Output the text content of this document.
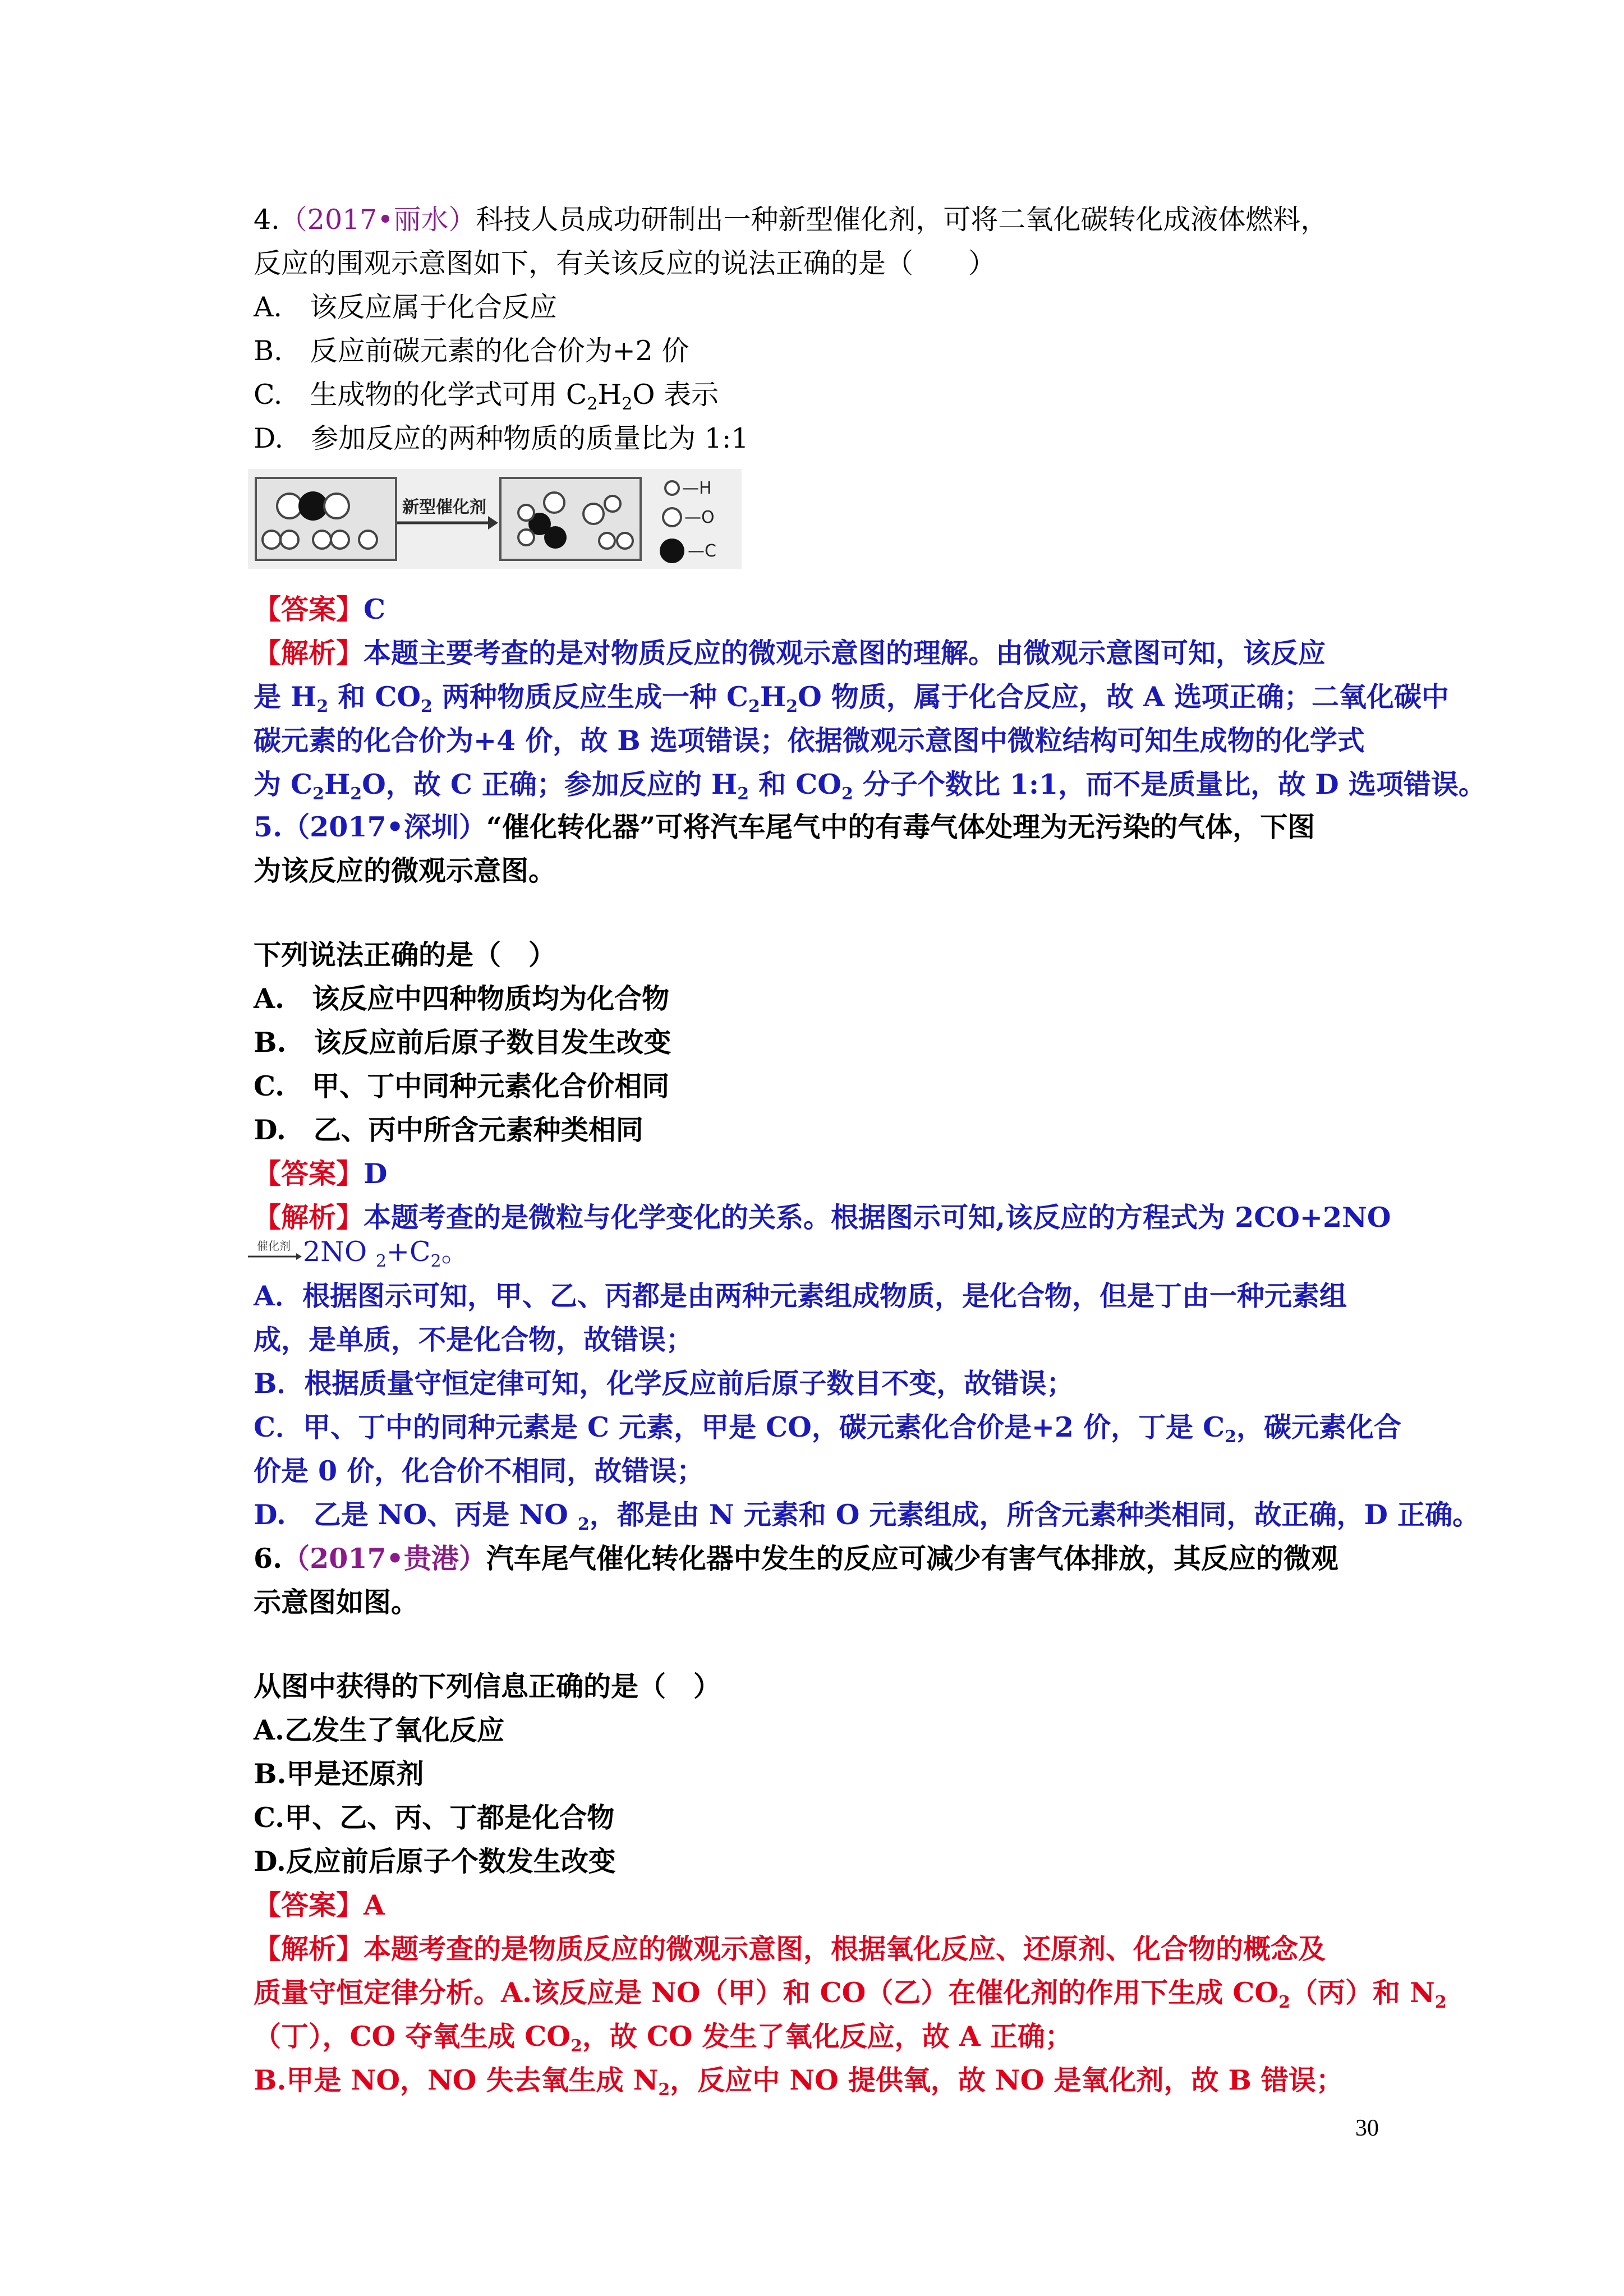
4.（2017•丽水）科技人员成功研制出一种新型催化剂，可将二氧化碳转化成液体燃料，
反应的围观示意图如下，有关该反应的说法正确的是（　　）
A.　该反应属于化合反应
B.　反应前碳元素的化合价为+2 价
C.　生成物的化学式可用 $C_2H_2O$ 表示
D.　参加反应的两种物质的质量比为 1:1
新型催化剂
—H
—O
—C
【答案】C
【解析】本题主要考查的是对物质反应的微观示意图的理解。由微观示意图可知，该反应
是 $H_2$ 和 $CO_2$ 两种物质反应生成一种 $C_2H_2O$ 物质，属于化合反应，故 A 选项正确；二氧化碳中
碳元素的化合价为+4 价，故 B 选项错误；依据微观示意图中微粒结构可知生成物的化学式
为 $C_2H_2O$，故 C 正确；参加反应的 $H_2$ 和 $CO_2$ 分子个数比 1:1，而不是质量比，故 D 选项错误。
5.（2017•深圳）“催化转化器”可将汽车尾气中的有毒气体处理为无污染的气体，下图
为该反应的微观示意图。
下列说法正确的是（　）
A.　该反应中四种物质均为化合物
B.　该反应前后原子数目发生改变
C.　甲、丁中同种元素化合价相同
D.　乙、丙中所含元素种类相同
【答案】D
【解析】本题考查的是微粒与化学变化的关系。根据图示可知,该反应的方程式为 2CO+2NO
催化剂 2NO $_2+C_2$。
A．根据图示可知，甲、乙、丙都是由两种元素组成物质，是化合物，但是丁由一种元素组
成，是单质，不是化合物，故错误；
B．根据质量守恒定律可知，化学反应前后原子数目不变，故错误；
C．甲、丁中的同种元素是 C 元素，甲是 CO，碳元素化合价是+2 价，丁是 $C_2$，碳元素化合
价是 0 价，化合价不相同，故错误；
D.　乙是 NO、丙是 NO $_2$，都是由 N 元素和 O 元素组成，所含元素种类相同，故正确，D 正确。
6.（2017•贵港）汽车尾气催化转化器中发生的反应可减少有害气体排放，其反应的微观
示意图如图。
从图中获得的下列信息正确的是（　）
A.乙发生了氧化反应
B.甲是还原剂
C.甲、乙、丙、丁都是化合物
D.反应前后原子个数发生改变
【答案】A
【解析】本题考查的是物质反应的微观示意图，根据氧化反应、还原剂、化合物的概念及
质量守恒定律分析。A.该反应是 NO（甲）和 CO（乙）在催化剂的作用下生成 $CO_2$（丙）和 $N_2$
（丁），CO 夺氧生成 $CO_2$，故 CO 发生了氧化反应，故 A 正确；
B.甲是 NO，NO 失去氧生成 $N_2$，反应中 NO 提供氧，故 NO 是氧化剂，故 B 错误；
30
